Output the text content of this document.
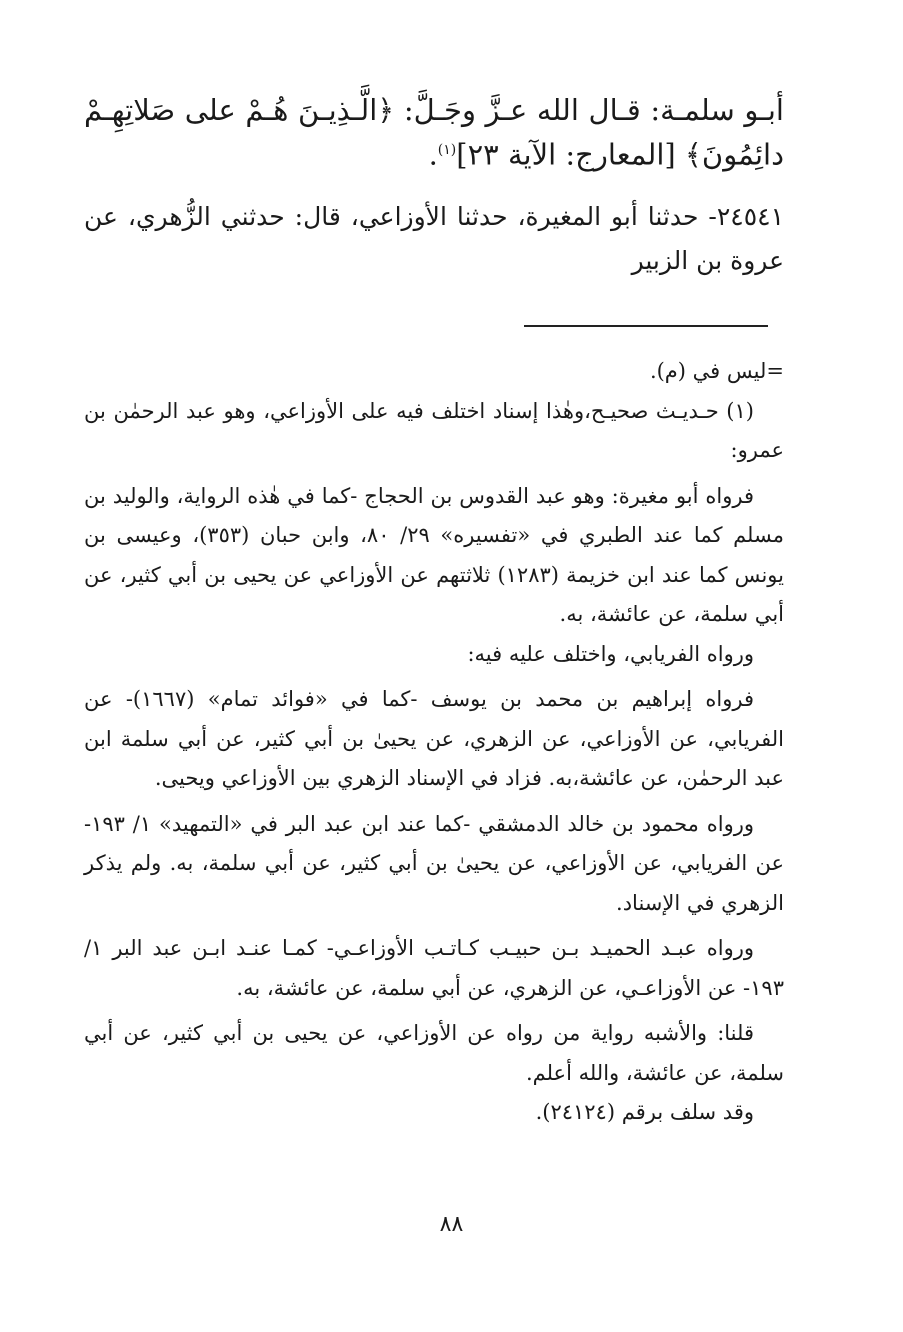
أبـو سلمـة: قـال الله عـزَّ وجَـلَّ: ﴿الَّـذِيـنَ هُـمْ على صَلاتِهِـمْ دائِمُونَ﴾ [المعارج: الآية ٢٣]$^{(١)}$.

٢٤٥٤١- حدثنا أبو المغيرة، حدثنا الأوزاعي، قال: حدثني الزُّهري، عن عروة بن الزبير

=ليس في (م).

(١) حـديـث صحيـح،وهٰذا إسناد اختلف فيه على الأوزاعي، وهو عبد الرحمٰن بن عمرو:

فرواه أبو مغيرة: وهو عبد القدوس بن الحجاج -كما في هٰذه الرواية، والوليد بن مسلم كما عند الطبري في «تفسيره» ٢٩/ ٨٠، وابن حبان (٣٥٣)، وعيسى بن يونس كما عند ابن خزيمة (١٢٨٣) ثلاثتهم عن الأوزاعي عن يحيى بن أبي كثير، عن أبي سلمة، عن عائشة، به.

ورواه الفريابي، واختلف عليه فيه:

فرواه إبراهيم بن محمد بن يوسف -كما في «فوائد تمام» (١٦٦٧)- عن الفريابي، عن الأوزاعي، عن الزهري، عن يحيىٰ بن أبي كثير، عن أبي سلمة ابن عبد الرحمٰن، عن عائشة،به. فزاد في الإسناد الزهري بين الأوزاعي ويحيى.

ورواه محمود بن خالد الدمشقي -كما عند ابن عبد البر في «التمهيد» ١/ ١٩٣- عن الفريابي، عن الأوزاعي، عن يحيىٰ بن أبي كثير، عن أبي سلمة، به. ولم يذكر الزهري في الإسناد.

ورواه عبـد الحميـد بـن حبيـب كـاتـب الأوزاعـي- كمـا عنـد ابـن عبد البر ١/ ١٩٣- عن الأوزاعـي، عن الزهري، عن أبي سلمة، عن عائشة، به.

قلنا: والأشبه رواية من رواه عن الأوزاعي، عن يحيى بن أبي كثير، عن أبي سلمة، عن عائشة، والله أعلم.

وقد سلف برقم (٢٤١٢٤).

٨٨
